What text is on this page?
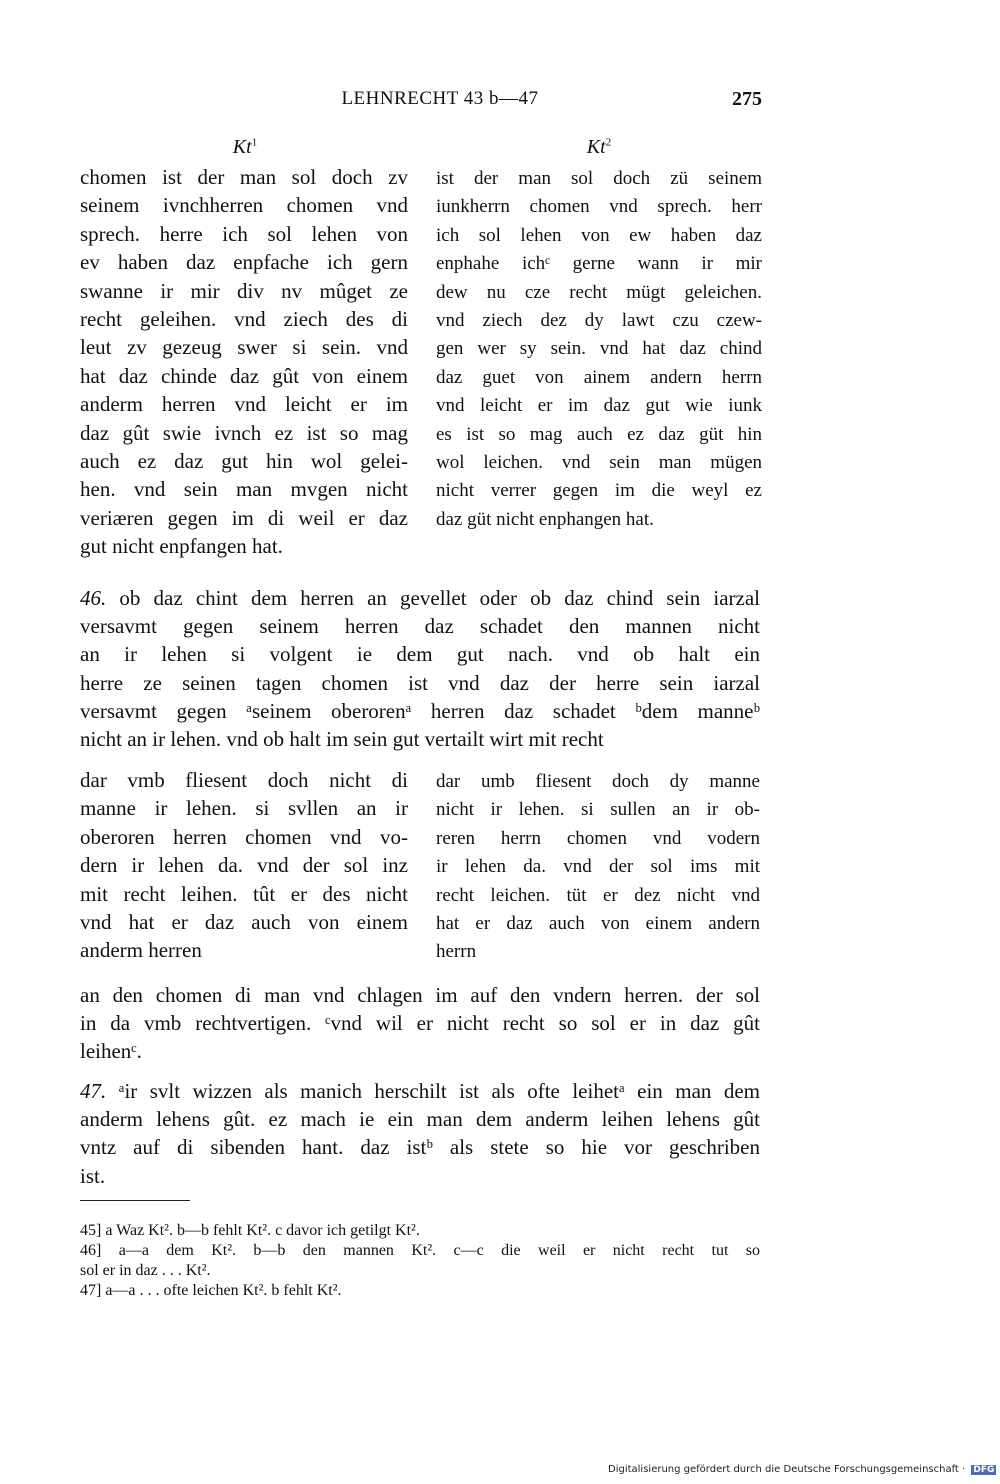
LEHNRECHT 43 b—47	275
Kt$^1$	Kt$^2$
chomen ist der man sol doch zv
seinem ivnchherren chomen vnd
sprech. herre ich sol lehen von
ev haben daz enpfache ich gern
swanne ir mir div nv mûget ze
recht geleihen. vnd ziech des di
leut zv gezeug swer si sein. vnd
hat daz chinde daz gût von einem
anderm herren vnd leicht er im
daz gût swie ivnch ez ist so mag
auch ez daz gut hin wol gelei-
hen. vnd sein man mvgen nicht
veriæren gegen im di weil er daz
gut nicht enpfangen hat.
ist der man sol doch zü seinem
iunkherrn chomen vnd sprech. herr
ich sol lehen von ew haben daz
enphahe ichᶜ gerne wann ir mir
dew nu cze recht mügt geleichen.
vnd ziech dez dy lawt czu czew-
gen wer sy sein. vnd hat daz chind
daz guet von ainem andern herrn
vnd leicht er im daz gut wie iunk
es ist so mag auch ez daz güt hin
wol leichen. vnd sein man mügen
nicht verrer gegen im die weyl ez
daz güt nicht enphangen hat.
46. ob daz chint dem herren an gevellet oder ob daz chind sein iarzal
versavmt gegen seinem herren daz schadet den mannen nicht
an ir lehen si volgent ie dem gut nach. vnd ob halt ein
herre ze seinen tagen chomen ist vnd daz der herre sein iarzal
versavmt gegen ᵃseinem oberorenᵃ herren daz schadet ᵇdem manneᵇ
nicht an ir lehen. vnd ob halt im sein gut vertailt wirt mit recht
dar vmb fliesent doch nicht di
manne ir lehen. si svllen an ir
oberoren herren chomen vnd vo-
dern ir lehen da. vnd der sol inz
mit recht leihen. tût er des nicht
vnd hat er daz auch von einem
anderm herren
dar umb fliesent doch dy manne
nicht ir lehen. si sullen an ir ob-
reren herrn chomen vnd vodern
ir lehen da. vnd der sol ims mit
recht leichen. tüt er dez nicht vnd
hat er daz auch von einem andern
herrn
an den chomen di man vnd chlagen im auf den vndern herren. der sol
in da vmb rechtvertigen. ᶜvnd wil er nicht recht so sol er in daz gût
leihenᶜ.
47. ᵃir svlt wizzen als manich herschilt ist als ofte leihetᵃ ein man dem
anderm lehens gût. ez mach ie ein man dem anderm leihen lehens gût
vntz auf di sibenden hant. daz istᵇ als stete so hie vor geschriben
ist.
45] a Waz Kt². b—b fehlt Kt². c davor ich getilgt Kt².
46] a—a dem Kt². b—b den mannen Kt². c—c die weil er nicht recht tut so
sol er in daz . . . Kt².
47] a—a . . . ofte leichen Kt². b fehlt Kt².
Digitalisierung gefördert durch die Deutsche Forschungsgemeinschaft · DFG
